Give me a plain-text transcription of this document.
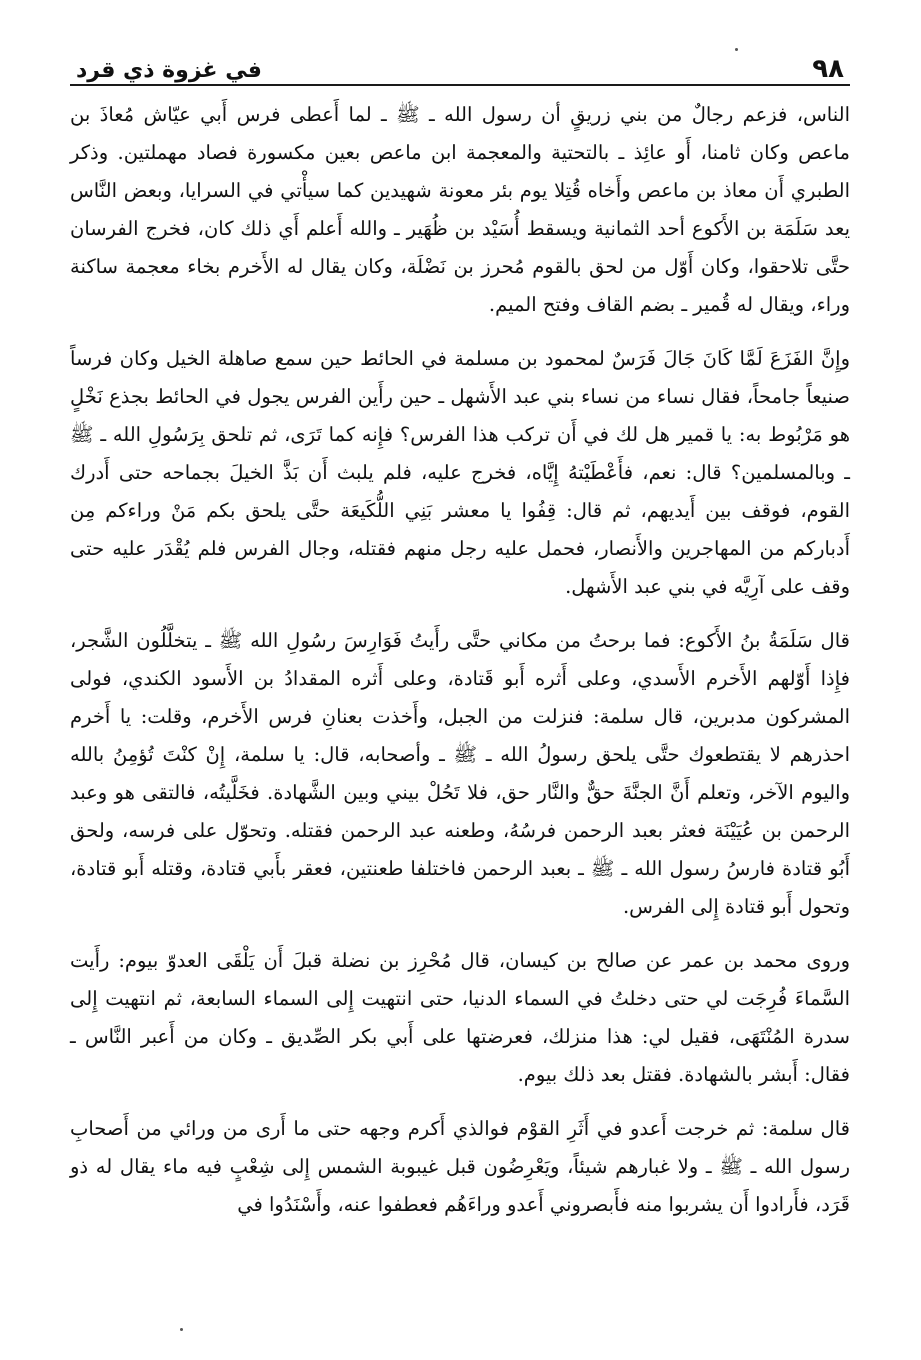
٩٨
في غزوة ذي قرد

الناس، فزعم رجالٌ من بني زريقٍ أن رسول الله ـ ﷺ ـ لما أَعطى فرس أَبي عيّاش مُعاذَ بن ماعص وكان ثامنا، أَو عائِذ ـ بالتحتية والمعجمة ابن ماعص بعين مكسورة فصاد مهملتين. وذكر الطبري أَن معاذ بن ماعص وأَخاه قُتِلا يوم بئر معونة شهيدين كما سيأْتي في السرايا، وبعض النَّاس يعد سَلَمَة بن الأَكوع أحد الثمانية ويسقط أُسَيْد بن ظُهَير ـ والله أَعلم أَي ذلك كان، فخرج الفرسان حتَّى تلاحقوا، وكان أَوّل من لحق بالقوم مُحرز بن نَضْلَة، وكان يقال له الأَخرم بخاء معجمة ساكنة وراء، ويقال له قُمير ـ بضم القاف وفتح الميم.

وإِنَّ الفَزَعَ لَمَّا كَانَ جَالَ فَرَسٌ لمحمود بن مسلمة في الحائط حين سمع صاهلة الخيل وكان فرساً صنيعاً جامحاً، فقال نساء من نساء بني عبد الأَشهل ـ حين رأَين الفرس يجول في الحائط بجذع نَخْلٍ هو مَرْبُوط به: يا قمير هل لك في أَن تركب هذا الفرس؟ فإِنه كما تَرَى، ثم تلحق بِرَسُولِ الله ـ ﷺ ـ وبالمسلمين؟ قال: نعم، فأَعْطَيْتهُ إِيَّاه، فخرج عليه، فلم يلبث أَن بَذَّ الخيلَ بجماحه حتى أَدرك القوم، فوقف بين أَيديهم، ثم قال: قِفُوا يا معشر بَنِي اللُّكَيعَة حتَّى يلحق بكم مَنْ وراءكم مِن أَدباركم من المهاجرين والأَنصار، فحمل عليه رجل منهم فقتله، وجال الفرس فلم يُقْدَر عليه حتى وقف على آرِيَّه في بني عبد الأَشهل.

قال سَلَمَةُ بنُ الأَكوع: فما برحتُ من مكاني حتَّى رأَيتُ فَوَارِسَ رسُولِ الله ﷺ ـ يتخلَّلُون الشَّجر، فإِذا أَوّلهم الأَخرم الأَسدي، وعلى أَثره أَبو قَتادة، وعلى أَثره المقدادُ بن الأَسود الكندي، فولى المشركون مدبرين، قال سلمة: فنزلت من الجبل، وأَخذت بعنانِ فرس الأَخرم، وقلت: يا أَخرم احذرهم لا يقتطعوك حتَّى يلحق رسولُ الله ـ ﷺ ـ وأصحابه، قال: يا سلمة، إِنْ كنْتَ تُؤمِنُ بالله واليوم الآخر، وتعلم أَنَّ الجنَّةَ حقٌّ والنَّار حق، فلا تَحُلْ بيني وبين الشَّهادة. فخَلَّيتُه، فالتقى هو وعبد الرحمن بن عُيَيْنَة فعثر بعبد الرحمن فرسُهُ، وطعنه عبد الرحمن فقتله. وتحوّل على فرسه، ولحق أَبُو قتادة فارسُ رسول الله ـ ﷺ ـ بعبد الرحمن فاختلفا طعنتين، فعقر بأَبي قتادة، وقتله أَبو قتادة، وتحول أَبو قتادة إِلى الفرس.

وروى محمد بن عمر عن صالح بن كيسان، قال مُحْرِز بن نضلة قبلَ أَن يَلْقَى العدوّ بيوم: رأَيت السَّماءَ فُرِجَت لي حتى دخلتُ في السماء الدنيا، حتى انتهيت إِلى السماء السابعة، ثم انتهيت إِلى سدرة المُنْتَهَى، فقيل لي: هذا منزلك، فعرضتها على أَبي بكر الصِّديق ـ وكان من أَعبر النَّاس ـ فقال: أَبشر بالشهادة. فقتل بعد ذلك بيوم.

قال سلمة: ثم خرجت أَعدو في أَثَرِ القوْم فوالذي أَكرم وجهه حتى ما أَرى من ورائي من أَصحابِ رسول الله ـ ﷺ ـ ولا غبارهم شيئاً، ويَعْرِضُون قبل غيبوبة الشمس إِلى شِعْبٍ فيه ماء يقال له ذو قَرَد، فأَرادوا أَن يشربوا منه فأَبصروني أَعدو وراءَهُم فعطفوا عنه، وأَسْنَدُوا في
